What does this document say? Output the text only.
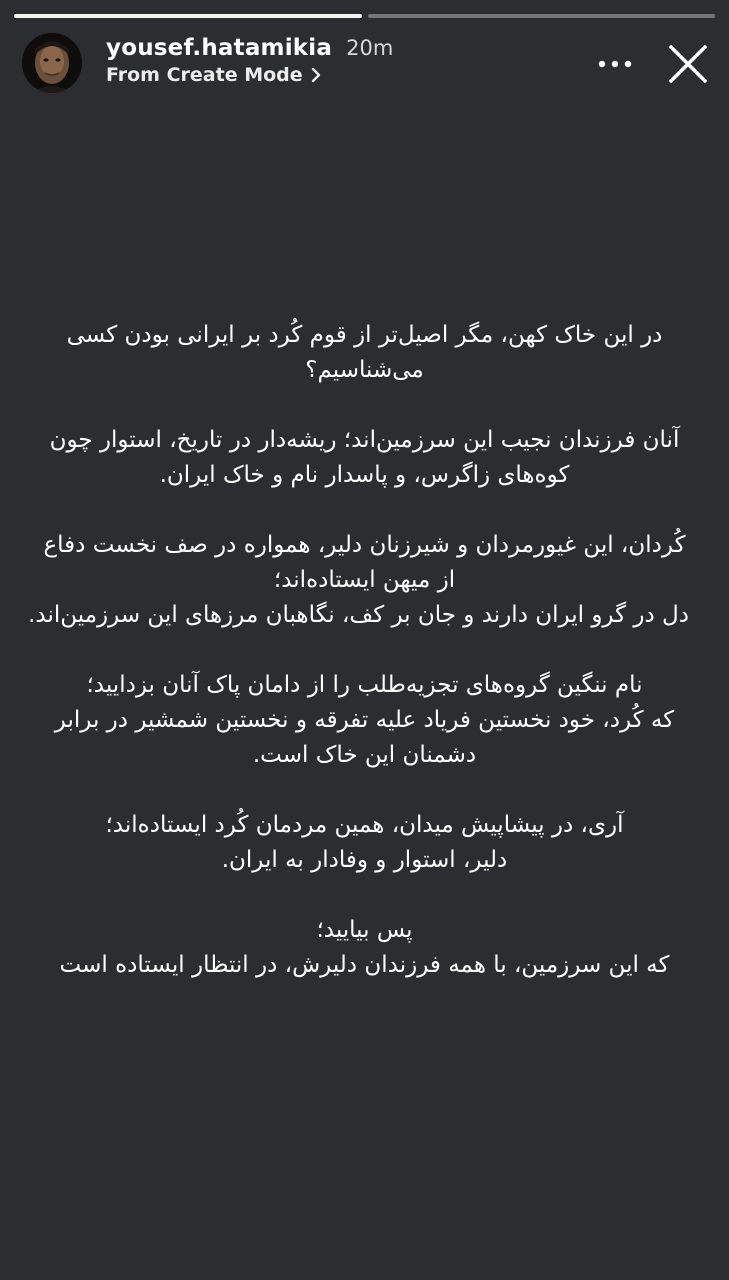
yousef.hatamikia 20m
From Create Mode

در این خاک کهن، مگر اصیل‌تر از قوم کُرد بر ایرانی بودن کسی
می‌شناسیم؟

آنان فرزندان نجیب این سرزمین‌اند؛ ریشه‌دار در تاریخ، استوار چون
کوه‌های زاگرس، و پاسدار نام و خاک ایران.

کُردان، این غیورمردان و شیرزنان دلیر، همواره در صف نخست دفاع
از میهن ایستاده‌اند؛
دل در گرو ایران دارند و جان بر کف، نگاهبان مرزهای این سرزمین‌اند.

نام ننگین گروه‌های تجزیه‌طلب را از دامان پاک آنان بزدایید؛
که کُرد، خود نخستین فریاد علیه تفرقه و نخستین شمشیر در برابر
دشمنان این خاک است.

آری، در پیشاپیش میدان، همین مردمان کُرد ایستاده‌اند؛
دلیر، استوار و وفادار به ایران.

پس بیایید؛
که این سرزمین، با همه فرزندان دلیرش، در انتظار ایستاده است
